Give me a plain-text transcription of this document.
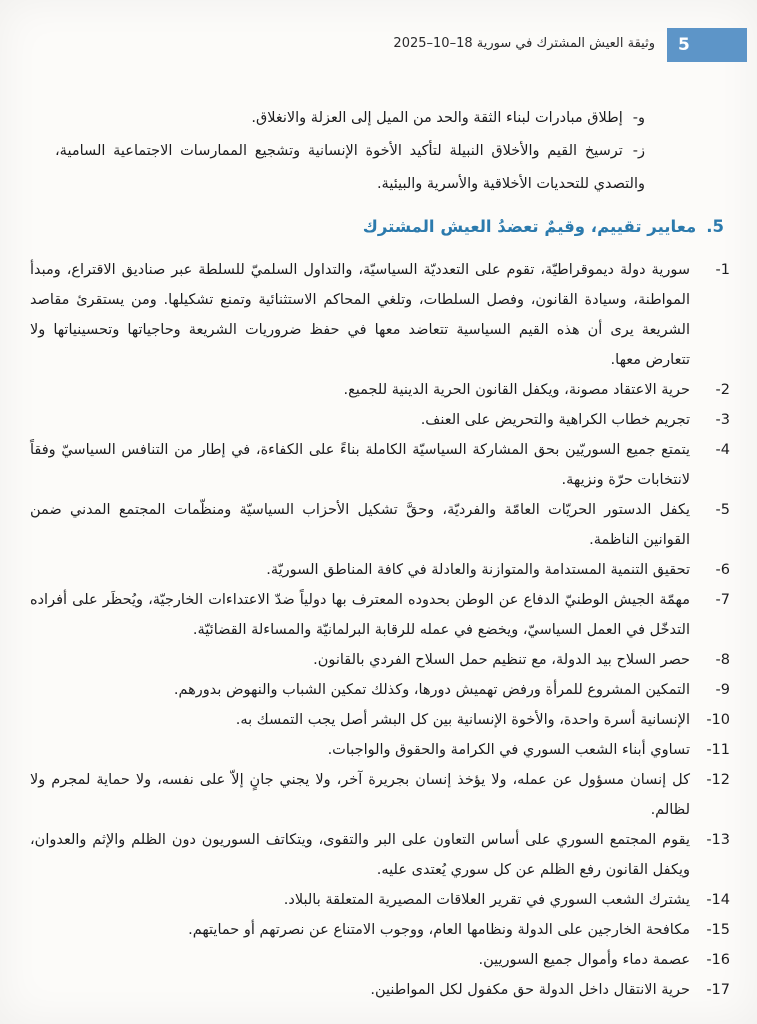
5
وثيقة العيش المشترك في سورية 18–10–2025

و-إطلاق مبادرات لبناء الثقة والحد من الميل إلى العزلة والانغلاق.

ز-ترسيخ القيم والأخلاق النبيلة لتأكيد الأخوة الإنسانية وتشجيع الممارسات الاجتماعية السامية، والتصدي للتحديات الأخلاقية والأسرية والبيئية.

5.معايير تقييم، وقيمٌ تعضدُ العيش المشترك
1-

سورية دولة ديموقراطيّة، تقوم على التعدديّة السياسيّة، والتداول السلميّ للسلطة عبر صناديق الاقتراع، ومبدأ المواطنة، وسيادة القانون، وفصل السلطات، وتلغي المحاكم الاستثنائية وتمنع تشكيلها. ومن يستقرئ مقاصد الشريعة يرى أن هذه القيم السياسية تتعاضد معها في حفظ ضروريات الشريعة وحاجياتها وتحسينياتها ولا تتعارض معها.

2-

حرية الاعتقاد مصونة، ويكفل القانون الحرية الدينية للجميع.

3-

تجريم خطاب الكراهية والتحريض على العنف.

4-

يتمتع جميع السوريّين بحق المشاركة السياسيّة الكاملة بناءً على الكفاءة، في إطار من التنافس السياسيّ وفقاً لانتخابات حرّة ونزيهة.

5-

يكفل الدستور الحريّات العامّة والفرديّة، وحقَّ تشكيل الأحزاب السياسيّة ومنظّمات المجتمع المدني ضمن القوانين الناظمة.

6-

تحقيق التنمية المستدامة والمتوازنة والعادلة في كافة المناطق السوريّة.

7-

مهمّة الجيش الوطنيّ الدفاع عن الوطن بحدوده المعترف بها دولياً ضدّ الاعتداءات الخارجيّة، ويُحظَر على أفراده التدخّل في العمل السياسيّ، ويخضع في عمله للرقابة البرلمانيّة والمساءلة القضائيّة.

8-

حصر السلاح بيد الدولة، مع تنظيم حمل السلاح الفردي بالقانون.

9-

التمكين المشروع للمرأة ورفض تهميش دورها، وكذلك تمكين الشباب والنهوض بدورهم.

10-

الإنسانية أسرة واحدة، والأخوة الإنسانية بين كل البشر أصل يجب التمسك به.

11-

تساوي أبناء الشعب السوري في الكرامة والحقوق والواجبات.

12-

كل إنسان مسؤول عن عمله، ولا يؤخذ إنسان بجريرة آخر، ولا يجني جانٍ إلاّ على نفسه، ولا حماية لمجرم ولا لظالم.

13-

يقوم المجتمع السوري على أساس التعاون على البر والتقوى، ويتكاتف السوريون دون الظلم والإثم والعدوان، ويكفل القانون رفع الظلم عن كل سوري يُعتدى عليه.

14-

يشترك الشعب السوري في تقرير العلاقات المصيرية المتعلقة بالبلاد.

15-

مكافحة الخارجين على الدولة ونظامها العام، ووجوب الامتناع عن نصرتهم أو حمايتهم.

16-

عصمة دماء وأموال جميع السوريين.

17-

حرية الانتقال داخل الدولة حق مكفول لكل المواطنين.
